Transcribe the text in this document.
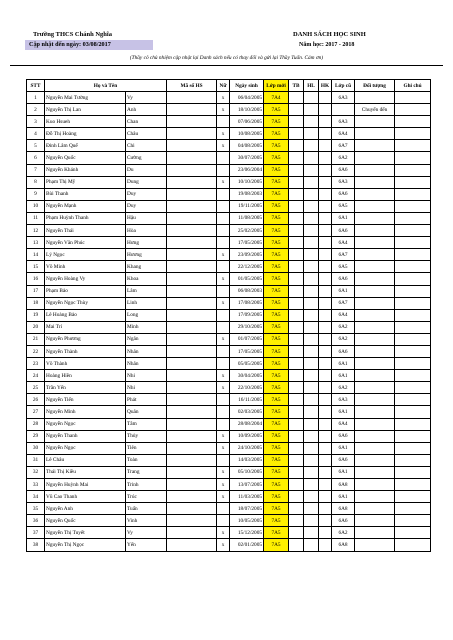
Trường THCS Chánh Nghĩa
Cập nhật đến ngày: 03/08/2017
DANH SÁCH HỌC SINH
Năm học: 2017 - 2018
(Thầy cô chủ nhiệm cập nhật lại Danh sách nếu có thay đổi và gửi lại Thầy Tuấn. Cám ơn)
STT	Họ và Tên		Mã số HS	Nữ	Ngày sinh	Lớp mới	TB	HL	HK	Lớp cũ	Đối tượng	Ghi chú
1	Nguyễn Mai Tường	Vy		x	06/04/2005	7A4				6A3		
2	Nguyễn Thị Lan	Anh		x	18/10/2005	7A5					Chuyển đến	
3	Kuo Hsueh	Chan			07/06/2005	7A5				6A3		
4	Đỗ Thị Hoàng	Châu		x	10/08/2005	7A5				6A4		
5	Đinh Lâm Quế	Chi		x	04/08/2005	7A5				6A7		
6	Nguyễn Quốc	Cường			30/07/2005	7A5				6A2		
7	Nguyễn Khánh	Du			23/06/2004	7A5				6A6		
8	Phạm Thị Mỹ	Dung		x	10/10/2005	7A5				6A3		
9	Bùi Thanh	Duy			19/08/2003	7A5				6A6		
10	Nguyễn Mạnh	Duy			19/11/2005	7A5				6A5		
11	Phạm Huỳnh Thanh	Hậu			11/08/2005	7A5				6A1		
12	Nguyễn Thái	Hòa			25/02/2005	7A5				6A6		
13	Nguyễn Văn Phúc	Hưng			17/05/2005	7A5				6A4		
14	Lý Ngọc	Hương		x	23/09/2005	7A5				6A7		
15	Võ Minh	Khang			22/12/2005	7A5				6A5		
16	Nguyễn Hoàng Vy	Khoa		x	01/05/2005	7A5				6A6		
17	Phạm Bảo	Lâm			06/08/2003	7A5				6A1		
18	Nguyễn Ngọc Thùy	Linh		x	17/08/2005	7A5				6A7		
19	Lê Hoàng Bảo	Long			17/09/2005	7A5				6A4		
20	Mai Trí	Minh			29/10/2005	7A5				6A2		
21	Nguyễn Phương	Ngân		x	01/07/2005	7A5				6A2		
22	Nguyễn Thành	Nhân			17/05/2005	7A5				6A6		
23	Võ Thành	Nhân			05/05/2005	7A5				6A1		
24	Hoàng Hiền	Nhi		x	30/04/2005	7A5				6A1		
25	Trần Yến	Nhi		x	22/10/2005	7A5				6A2		
26	Nguyễn Tiến	Phát			16/11/2005	7A5				6A3		
27	Nguyễn Minh	Quân			02/03/2005	7A5				6A1		
28	Nguyễn Ngọc	Tâm			28/08/2004	7A5				6A4		
29	Nguyễn Thanh	Thủy		x	10/09/2005	7A5				6A6		
30	Nguyễn Ngọc	Tiên		x	24/10/2005	7A5				6A1		
31	Lê Châu	Toàn			14/03/2005	7A5				6A6		
32	Thái Thị Kiều	Trang		x	05/10/2005	7A5				6A1		
33	Nguyễn Huỳnh Mai	Trinh		x	13/07/2005	7A5				6A8		
34	Vũ Cao Thanh	Trúc		x	11/03/2005	7A5				6A1		
35	Nguyễn Anh	Tuấn			18/07/2005	7A5				6A8		
36	Nguyễn Quốc	Vinh			10/05/2005	7A5				6A6		
37	Nguyễn Thị Tuyết	Vy		x	15/12/2005	7A5				6A2		
38	Nguyễn Thị Ngọc	Yến		x	02/01/2005	7A5				6A8		
